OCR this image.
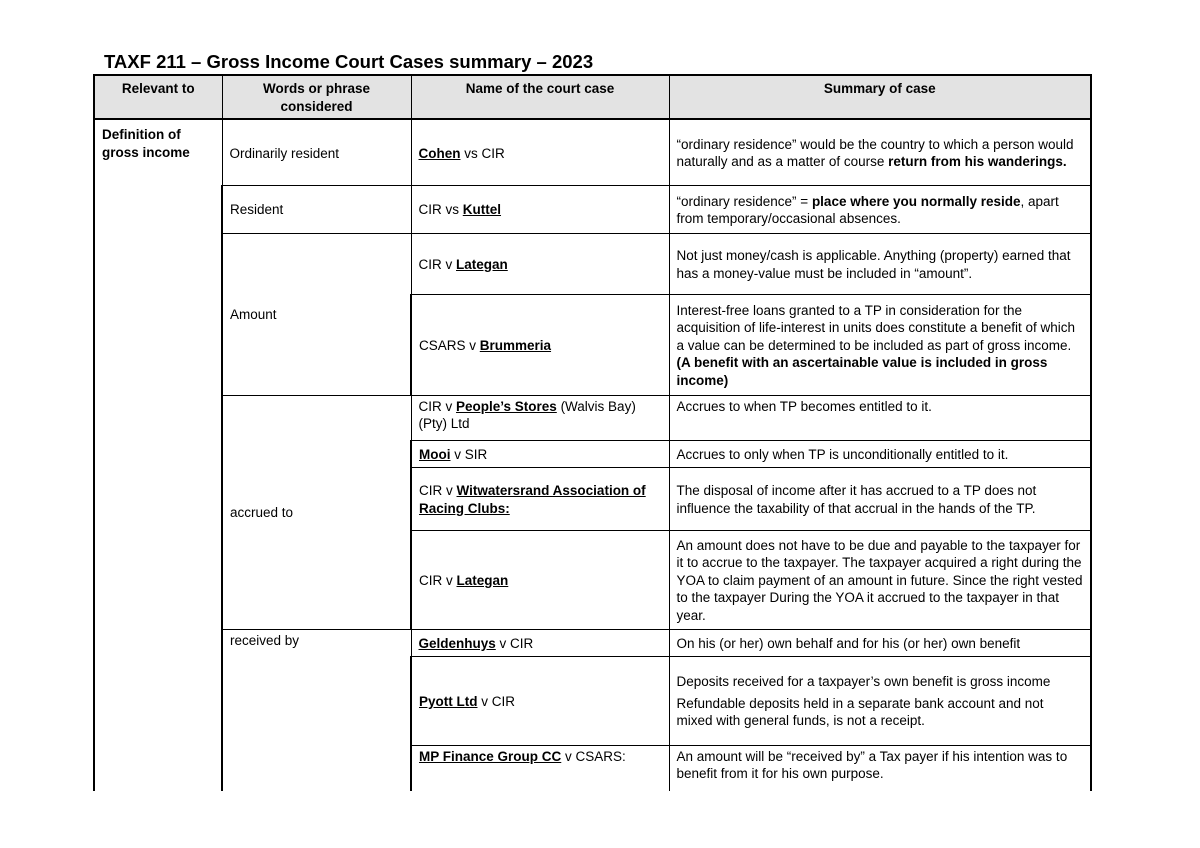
TAXF 211 – Gross Income Court Cases summary – 2023
Relevant to	Words or phrase considered	Name of the court case	Summary of case
Definition of gross income	Ordinarily resident	Cohen vs CIR	“ordinary residence” would be the country to which a person would naturally and as a matter of course return from his wanderings.
	Resident	CIR vs Kuttel	“ordinary residence” = place where you normally reside, apart from temporary/occasional absences.
	Amount	CIR v Lategan	Not just money/cash is applicable. Anything (property) earned that has a money-value must be included in “amount”.
		CSARS v Brummeria	Interest-free loans granted to a TP in consideration for the acquisition of life-interest in units does constitute a benefit of which a value can be determined to be included as part of gross income. (A benefit with an ascertainable value is included in gross income)
	accrued to	CIR v People’s Stores (Walvis Bay) (Pty) Ltd	Accrues to when TP becomes entitled to it.
		Mooi v SIR	Accrues to only when TP is unconditionally entitled to it.
		CIR v Witwatersrand Association of Racing Clubs:	The disposal of income after it has accrued to a TP does not influence the taxability of that accrual in the hands of the TP.
		CIR v Lategan	An amount does not have to be due and payable to the taxpayer for it to accrue to the taxpayer. The taxpayer acquired a right during the YOA to claim payment of an amount in future. Since the right vested to the taxpayer During the YOA it accrued to the taxpayer in that year.
	received by	Geldenhuys v CIR	On his (or her) own behalf and for his (or her) own benefit
		Pyott Ltd v CIR	Deposits received for a taxpayer’s own benefit is gross income
Refundable deposits held in a separate bank account and not mixed with general funds, is not a receipt.

		MP Finance Group CC v CSARS:	An amount will be “received by” a Tax payer if his intention was to benefit from it for his own purpose.
